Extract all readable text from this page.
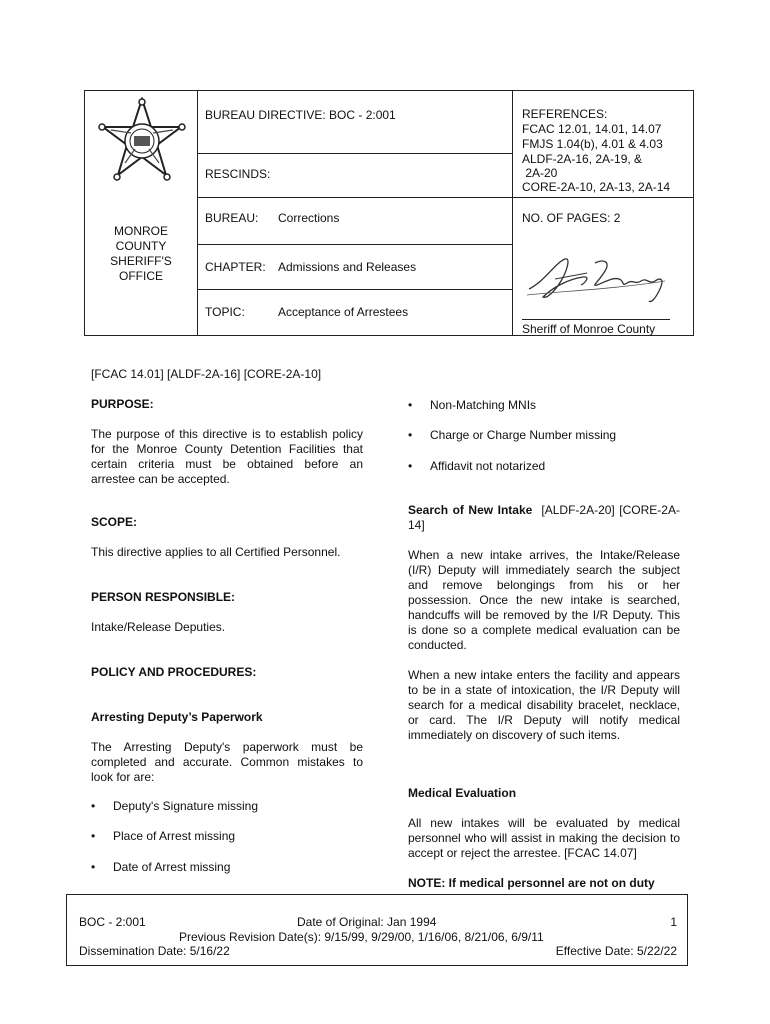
MONROE
COUNTY
SHERIFF'S
OFFICE
BUREAU DIRECTIVE: BOC - 2:001
RESCINDS:
BUREAU: Corrections
CHAPTER: Admissions and Releases
TOPIC:	Acceptance of Arrestees
REFERENCES:
FCAC 12.01, 14.01, 14.07
FMJS 1.04(b), 4.01 & 4.03
ALDF-2A-16, 2A-19, &
2A-20
CORE-2A-10, 2A-13, 2A-14
NO. OF PAGES: 2
Sheriff of Monroe County
[FCAC 14.01] [ALDF-2A-16] [CORE-2A-10]
PURPOSE:
The purpose of this directive is to establish policy for the Monroe County Detention Facilities that certain criteria must be obtained before an arrestee can be accepted.
SCOPE:
This directive applies to all Certified Personnel.
PERSON RESPONSIBLE:
Intake/Release Deputies.
POLICY AND PROCEDURES:
Arresting Deputy’s Paperwork
The Arresting Deputy's paperwork must be completed and accurate. Common mistakes to look for are:
• Deputy's Signature missing
• Place of Arrest missing
• Date of Arrest missing
• Non-Matching MNIs
• Charge or Charge Number missing
• Affidavit not notarized
Search of New Intake  [ALDF-2A-20] [CORE-2A-14]
When a new intake arrives, the Intake/Release (I/R) Deputy will immediately search the subject and remove belongings from his or her possession. Once the new intake is searched, handcuffs will be removed by the I/R Deputy. This is done so a complete medical evaluation can be conducted.
When a new intake enters the facility and appears to be in a state of intoxication, the I/R Deputy will search for a medical disability bracelet, necklace, or card. The I/R Deputy will notify medical immediately on discovery of such items.
Medical Evaluation
All new intakes will be evaluated by medical personnel who will assist in making the decision to accept or reject the arrestee. [FCAC 14.07]
NOTE: If medical personnel are not on duty
BOC - 2:001	Date of Original: Jan 1994	1
Previous Revision Date(s): 9/15/99, 9/29/00, 1/16/06, 8/21/06, 6/9/11
Dissemination Date: 5/16/22	Effective Date: 5/22/22
